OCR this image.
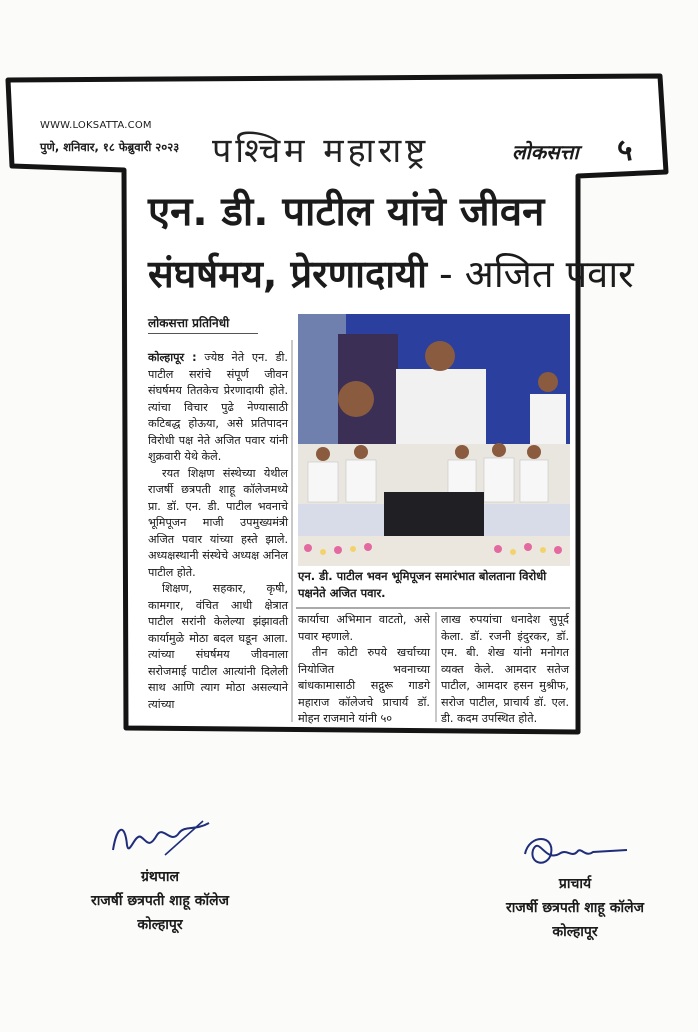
WWW.LOKSATTA.COM
पुणे, शनिवार, १८ फेब्रुवारी २०२३ पश्चिम महाराष्ट्र	लोकसत्ता ५
एन. डी. पाटील यांचे जीवन
संघर्षमय, प्रेरणादायी - अजित पवार
लोकसत्ता प्रतिनिधी

कोल्हापूर : ज्येष्ठ नेते एन. डी. पाटील सरांचे संपूर्ण जीवन संघर्षमय तितकेच प्रेरणादायी होते. त्यांचा विचार पुढे नेण्यासाठी कटिबद्ध होऊया, असे प्रतिपादन विरोधी पक्ष नेते अजित पवार यांनी शुक्रवारी येथे केले.

रयत शिक्षण संस्थेच्या येथील राजर्षी छत्रपती शाहू कॉलेजमध्ये प्रा. डॉ. एन. डी. पाटील भवनाचे भूमिपूजन माजी उपमुख्यमंत्री अजित पवार यांच्या हस्ते झाले. अध्यक्षस्थानी संस्थेचे अध्यक्ष अनिल पाटील होते.

शिक्षण, सहकार, कृषी, कामगार, वंचित आधी क्षेत्रात पाटील सरांनी केलेल्या झंझावती कार्यामुळे मोठा बदल घडून आला. त्यांच्या संघर्षमय जीवनाला सरोजमाई पाटील आत्यांनी दिलेली साथ आणि त्याग मोठा असल्याने त्यांच्या

एन. डी. पाटील भवन भूमिपूजन समारंभात बोलताना विरोधी पक्षनेते अजित पवार.

कार्याचा अभिमान वाटतो, असे पवार म्हणाले.

तीन कोटी रुपये खर्चाच्या नियोजित भवनाच्या बांधकामासाठी सद्गुरू गाडगे महाराज कॉलेजचे प्राचार्य डॉ. मोहन राजमाने यांनी ५०

लाख रुपयांचा धनादेश सुपूर्द केला. डॉ. रजनी इंदुरकर, डॉ. एम. बी. शेख यांनी मनोगत व्यक्त केले. आमदार सतेज पाटील, आमदार हसन मुश्रीफ, सरोज पाटील, प्राचार्य डॉ. एल. डी. कदम उपस्थित होते.

ग्रंथपाल
राजर्षी छत्रपती शाहू कॉलेज
कोल्हापूर
प्राचार्य
राजर्षी छत्रपती शाहू कॉलेज
कोल्हापूर
